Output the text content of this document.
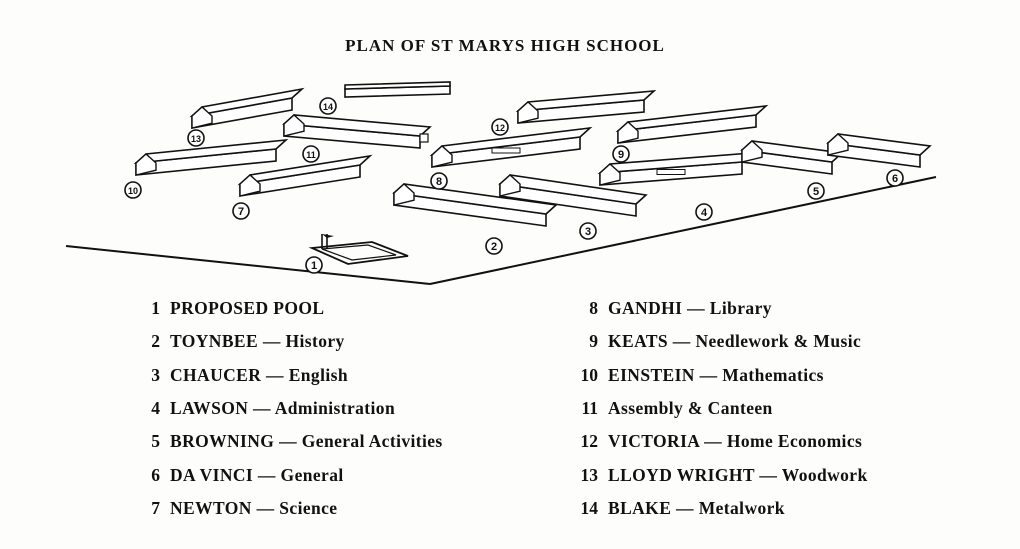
PLAN OF ST MARYS HIGH SCHOOL
1
2
3
4
5
6
7
8
9
10
11
12
13
14
1 PROPOSED POOL
2 TOYNBEE — History
3 CHAUCER — English
4 LAWSON — Administration
5 BROWNING — General Activities
6 DA VINCI — General
7 NEWTON — Science
8 GANDHI — Library
9 KEATS — Needlework & Music
10 EINSTEIN — Mathematics
11 Assembly & Canteen
12 VICTORIA — Home Economics
13 LLOYD WRIGHT — Woodwork
14 BLAKE — Metalwork
